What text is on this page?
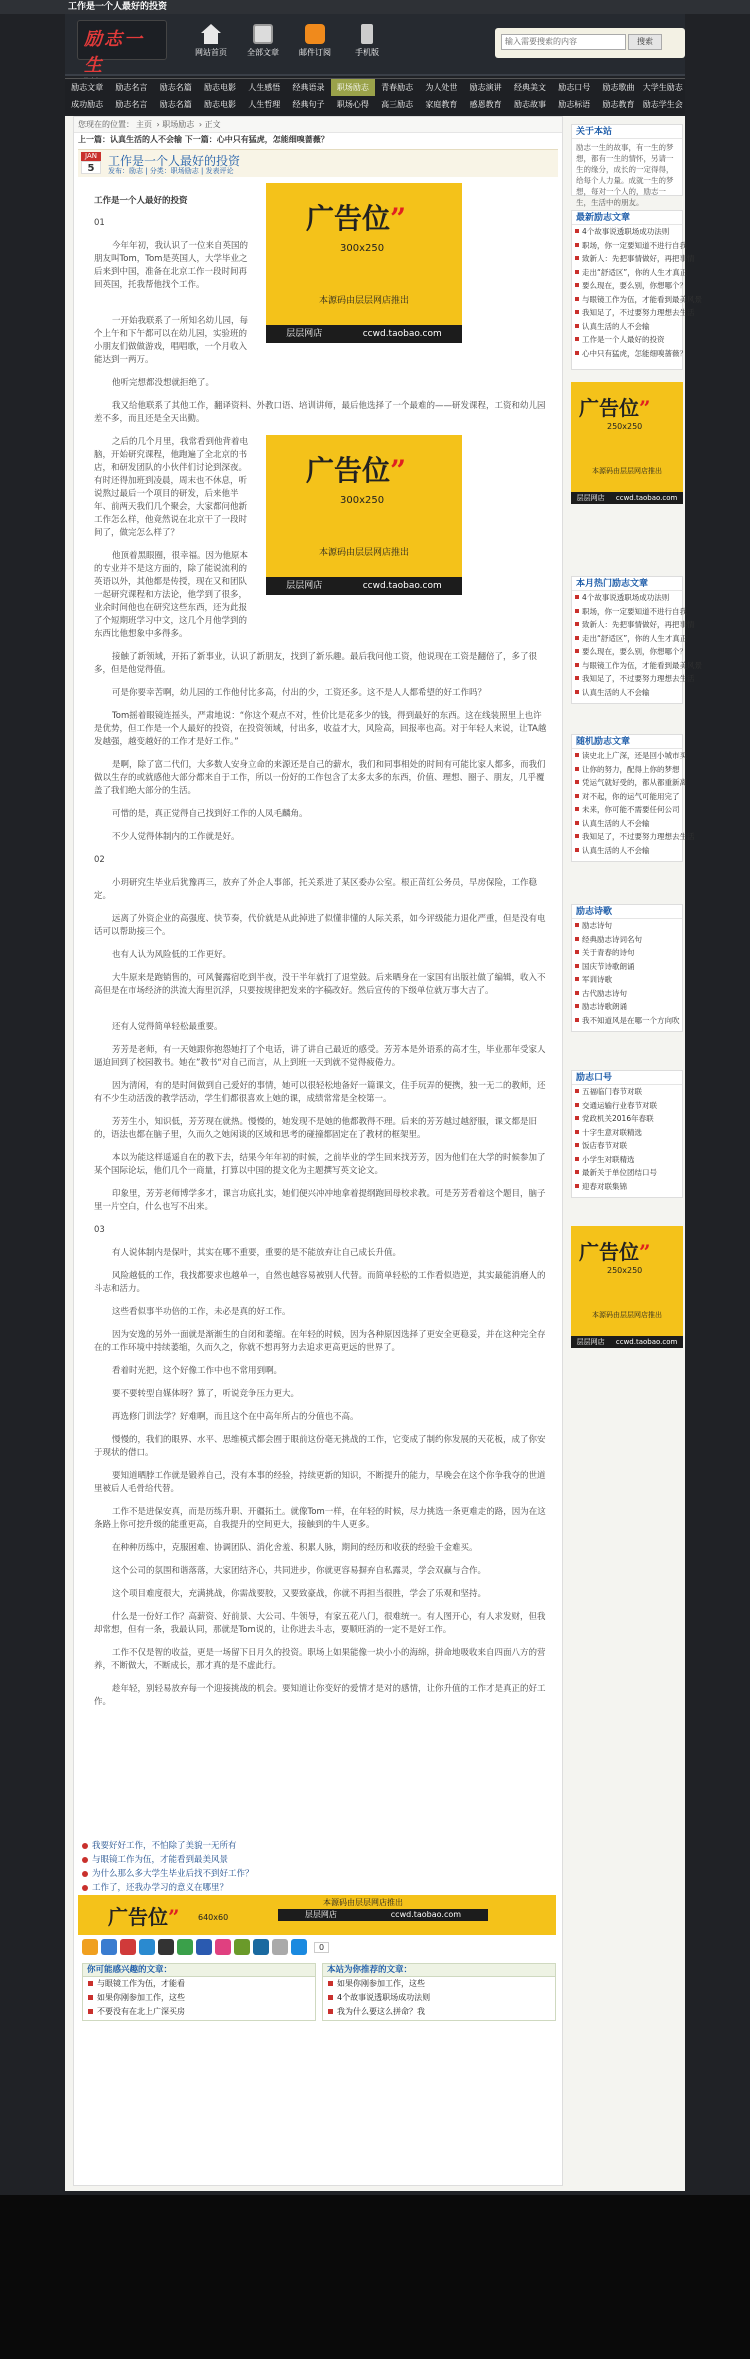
工作是一个人最好的投资
励志一生
网站首页	全部文章	邮件订阅	手机版
输入需要搜索的内容	搜索
励志文章	励志名言	励志名篇	励志电影	人生感悟	经典语录	职场励志	青春励志	为人处世	励志演讲	经典美文	励志口号	励志歌曲	大学生励志
成功励志	励志名言	励志名篇	励志电影	人生哲理	经典句子	职场心得	高三励志	家庭教育	感恩教育	励志故事	励志标语	励志教育	励志学生会
您现在的位置： 主页 › 职场励志 › 正文
上一篇：认真生活的人不会输 下一篇：心中只有猛虎，怎能细嗅蔷薇？
JAN
5
工作是一个人最好的投资
发布：励志 | 分类：职场励志 | 发表评论
工作是一个人最好的投资
01
今年年初，我认识了一位来自英国的朋友叫Tom，Tom是英国人，大学毕业之后来到中国，准备在北京工作一段时间再回英国，托我帮他找个工作。
一开始我联系了一所知名幼儿园，每个上午和下午都可以在幼儿园，实验班的小朋友们做做游戏，唱唱歌，一个月收入能达到一两万。
他听完想都没想就拒绝了。
我又给他联系了其他工作，翻译资料、外教口语、培训讲师，最后他选择了一个最难的——研发课程，工资和幼儿园差不多，而且还是全天出勤。
之后的几个月里，我常看到他背着电脑，开始研究课程，他跑遍了全北京的书店，和研发团队的小伙伴们讨论到深夜。有时还得加班到凌晨，周末也不休息，听说熬过最后一个项目的研发，后来他半年、前两天我们几个聚会，大家都问他新工作怎么样，他竟然说在北京干了一段时间了，做完怎么样了？
他顶着黑眼圈，很幸福。因为他原本的专业并不是这方面的，除了能说流利的英语以外，其他都是传授，现在又和团队一起研究课程和方法论，他学到了很多，业余时间他也在研究这些东西，还为此报了个短期班学习中文，这几个月他学到的东西比他想象中多得多。
接触了新领域，开拓了新事业，认识了新朋友，找到了新乐趣。最后我问他工资，他说现在工资是翻倍了，多了很多，但是他觉得值。
可是你要幸苦啊，幼儿园的工作他付比多高，付出的少，工资还多。这不是人人都希望的好工作吗？
Tom摇着眼镜连摇头，严肃地说：“你这个观点不对，性价比是花多少的钱，得到最好的东西。这在线装照里上也许是优势，但工作是一个人最好的投资，在投资领域，付出多，收益才大，风险高，回报率也高。对于年轻人来说，让TA越发越强，越变越好的工作才是好工作。”
是啊，除了富二代们，大多数人安身立命的来源还是自己的薪水，我们和同事相处的时间有可能比家人都多，而我们做以生存的或就感他大部分都来自于工作，所以一份好的工作包含了太多太多的东西，价值、理想、圈子、朋友，几乎覆盖了我们绝大部分的生活。
可惜的是，真正觉得自己找到好工作的人凤毛麟角。
不少人觉得体制内的工作就是好。
02
小玥研究生毕业后犹豫再三，放弃了外企人事部，托关系进了某区委办公室。根正苗红公务员，早房保险，工作稳定。
远离了外资企业的高强度、快节奏，代价就是从此掉进了似懂非懂的人际关系，如今评级能力退化严重，但是没有电话可以帮助接三个。
也有人认为风险低的工作更好。
大牛原来是跑销售的，可风餐露宿吃到半夜，没干半年就打了退堂鼓。后来晒身在一家国有出版社做了编辑，收入不高但是在市场经济的洪流大海里沉浮，只要按规律把发来的字稿改好。然后宣传的下级单位就万事大吉了。
还有人觉得简单轻松最重要。
芳芳是老师，有一天她跟你抱怨她打了个电话，讲了讲自己最近的感受。芳芳本是外语系的高才生，毕业那年受家人逼迫回到了校园教书。她在”教书“对自己而言，从上到班一天到就不觉得疲倦力。
因为清闲，有的是时间做到自己爱好的事情，她可以很轻松地备好一篇课文，住手玩弄的便携，独一无二的教师，还有不少生动活泼的教学活动，学生们都很喜欢上她的课，成绩常常是全校第一。
芳芳生小，知识低，芳芳现在就热。慢慢的，她发现不是她的他都教得不理。后来的芳芳越过越舒服，课文都是旧的，语法也都在脑子里，久而久之她闲谈的区域和思考的碰撞都固定在了教材的框架里。
本以为能这样遥遥自在的教下去，结果今年年初的时候，之前毕业的学生回来找芳芳，因为他们在大学的时候参加了某个国际论坛，他们几个一商量，打算以中国的提文化为主题撰写英文论文。
印象里，芳芳老师博学多才，课言功底扎实，她们便兴冲冲地拿着提纲跑回母校求教。可是芳芳看着这个题目，脑子里一片空白，什么也写不出来。
03
有人说体制内是保叶，其实在哪不重要，重要的是不能放弃让自己成长升值。
风险越低的工作，我找都要求也越单一，自然也越容易被别人代替。而简单轻松的工作看似造逆，其实最能消磨人的斗志和活力。
这些看似事半功倍的工作，未必是真的好工作。
因为安逸的另外一面就是渐渐生的自闭和萎缩。在年轻的时候，因为各种原因选择了更安全更稳妥，并在这种完全存在的工作环境中持续萎缩，久而久之，你就不想再努力去追求更高更远的世界了。
看着时光把，这个好像工作中也不常用到啊。
要不要转型自媒体呀？算了，听说竞争压力更大。
再选修门训法学？好难啊，而且这个在中高年所占的分值也不高。
慢慢的，我们的眼界、水平、思维模式都会囿于眼前这份毫无挑战的工作，它变成了制约你发展的天花板，成了你安于现状的借口。
要知道晒脖工作就是锻养自己，没有本事的经验，持续更新的知识，不断提升的能力，早晚会在这个你争我夺的世道里被后人毛骨给代替。
工作不是进保安真，而是历练升职、开疆拓土。就像Tom一样，在年轻的时候，尽力挑选一条更难走的路，因为在这条路上你可挖升级的能重更高，自我提升的空间更大，接触到的牛人更多。
在种种历练中，克服困难、协调团队、消化舍羞、积累人脉，期间的经历和收获的经验千金难买。
这个公司的氛围和谐落落，大家团结齐心，共同进步，你就更容易摒弃自私露灵，学会双赢与合作。
这个项目难度很大，充满挑战，你需战要胶，又要致豪战，你就不再担当很胜，学会了乐观和坚持。
什么是一份好工作？高薪资、好前景、大公司、牛领导，有家五花八门，很难统一。有人图开心，有人求发财，但我却常想，但有一条，我最认同，那就是Tom说的，让你进去斗志，要顺旺消的一定不是好工作。
工作不仅是智的收益，更是一场留下日月久的投资。职场上如果能像一块小小的海绵，拼命地吸收来自四面八方的营养，不断做大，不断成长，那才真的是不虚此行。
趁年轻，别轻易放弃每一个迎接挑战的机会。要知道让你变好的爱情才是对的感情，让你升值的工作才是真正的好工作。
广告位”
300x250
本源码由层层网店推出
层层网店	ccwd.taobao.com
广告位”
300x250
本源码由层层网店推出
层层网店	ccwd.taobao.com
我要好好工作，不怕除了美貌一无所有
与眼镜工作为伍，才能看到最美风景
为什么那么多大学生毕业后找不到好工作？
工作了，还我办学习的意义在哪里？
广告位” 640x60
本源码由层层网店推出
层层网店	ccwd.taobao.com
0
你可能感兴趣的文章：
与眼镜工作为伍，才能看
如果你刚参加工作，这些
不要没有在北上广深买房
本站为你推荐的文章：
如果你刚参加工作，这些
4个故事说透职场成功法则
我为什么要这么拼命？我
关于本站
励志一生的故事，有一生的梦想，都有一生的情怀，另请一生的缘分，成长的一定得得，给每个人力量。成就一生的梦想，每对一个人的，励志一生，生活中的朋友。
最新励志文章
4个故事说透职场成功法则
职场，你一定要知道不进行自我
致新人：先把事情做好，再把事情
走出“舒适区”，你的人生才真正
要么现在，要么别，你想哪个？
与眼镜工作为伍，才能看到最美风景
我知足了，不过要努力理想去生活
认真生活的人不会输
工作是一个人最好的投资
心中只有猛虎，怎能细嗅蔷薇？
广告位”
250x250
本源码由层层网店推出
层层网店 ccwd.taobao.com
本月热门励志文章
4个故事说透职场成功法则
职场，你一定要知道不进行自我
致新人：先把事情做好，再把事情
走出“舒适区”，你的人生才真正
要么现在，要么别，你想哪个？
与眼镜工作为伍，才能看到最美风景
我知足了，不过要努力理想去生活
认真生活的人不会输
随机励志文章
读史北上广深，还是回小城市买
让你的努力，配得上你的梦想
凭运气就好受的，都从都重新离
对不起，你的运气可能用完了
未来，你可能不需要任何公司
认真生活的人不会输
我知足了，不过要努力理想去生活
认真生活的人不会输
励志诗歌
励志诗句
经典励志诗词名句
关于青春的诗句
国庆节诗歌朗诵
军训诗歌
古代励志诗句
励志诗歌朗诵
我不知道风是在哪一个方向吹
励志口号
五福临门春节对联
交通运输行业春节对联
党政机关2016年春联
十字生意对联精选
饭店春节对联
小学生对联精选
最新关于单位团结口号
迎春对联集锦
广告位”
250x250
本源码由层层网店推出
层层网店 ccwd.taobao.com
